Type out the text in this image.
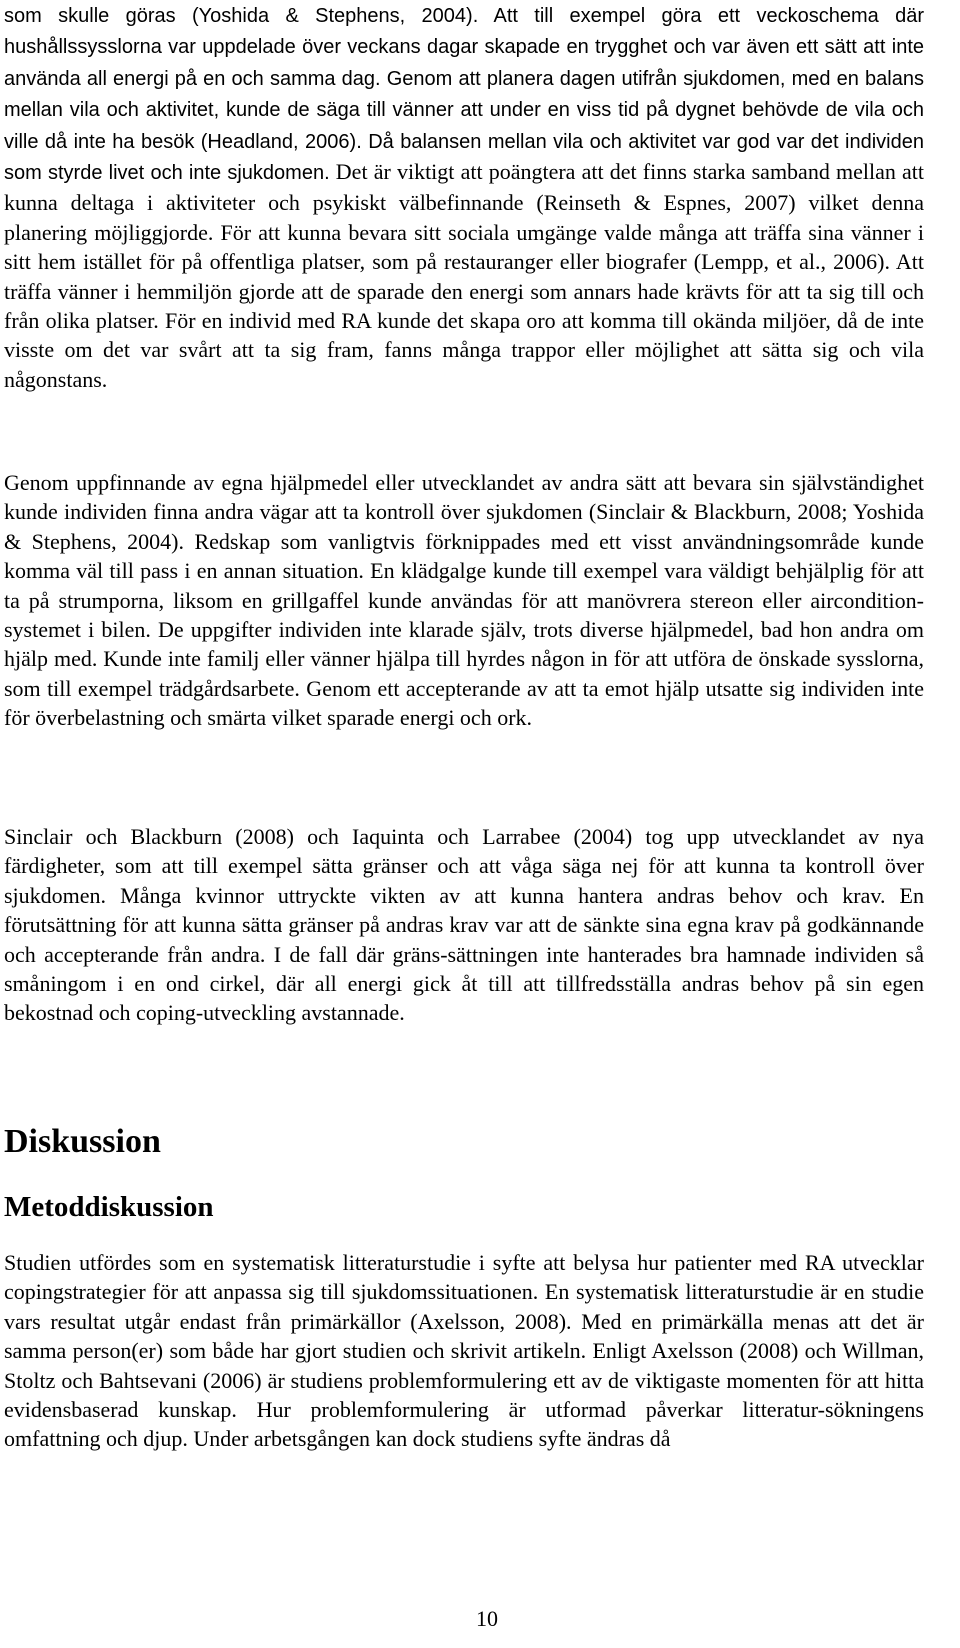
som skulle göras (Yoshida & Stephens, 2004). Att till exempel göra ett veckoschema där hushållssysslorna var uppdelade över veckans dagar skapade en trygghet och var även ett sätt att inte använda all energi på en och samma dag. Genom att planera dagen utifrån sjukdomen, med en balans mellan vila och aktivitet, kunde de säga till vänner att under en viss tid på dygnet behövde de vila och ville då inte ha besök (Headland, 2006). Då balansen mellan vila och aktivitet var god var det individen som styrde livet och inte sjukdomen. Det är viktigt att poängtera att det finns starka samband mellan att kunna deltaga i aktiviteter och psykiskt välbefinnande (Reinseth & Espnes, 2007) vilket denna planering möjliggjorde. För att kunna bevara sitt sociala umgänge valde många att träffa sina vänner i sitt hem istället för på offentliga platser, som på restauranger eller biografer (Lempp, et al., 2006). Att träffa vänner i hemmiljön gjorde att de sparade den energi som annars hade krävts för att ta sig till och från olika platser. För en individ med RA kunde det skapa oro att komma till okända miljöer, då de inte visste om det var svårt att ta sig fram, fanns många trappor eller möjlighet att sätta sig och vila någonstans.

Genom uppfinnande av egna hjälpmedel eller utvecklandet av andra sätt att bevara sin självständighet kunde individen finna andra vägar att ta kontroll över sjukdomen (Sinclair & Blackburn, 2008; Yoshida & Stephens, 2004). Redskap som vanligtvis förknippades med ett visst användningsområde kunde komma väl till pass i en annan situation. En klädgalge kunde till exempel vara väldigt behjälplig för att ta på strumporna, liksom en grillgaffel kunde användas för att manövrera stereon eller aircondition-systemet i bilen. De uppgifter individen inte klarade själv, trots diverse hjälpmedel, bad hon andra om hjälp med. Kunde inte familj eller vänner hjälpa till hyrdes någon in för att utföra de önskade sysslorna, som till exempel trädgårdsarbete. Genom ett accepterande av att ta emot hjälp utsatte sig individen inte för överbelastning och smärta vilket sparade energi och ork.

Sinclair och Blackburn (2008) och Iaquinta och Larrabee (2004) tog upp utvecklandet av nya färdigheter, som att till exempel sätta gränser och att våga säga nej för att kunna ta kontroll över sjukdomen. Många kvinnor uttryckte vikten av att kunna hantera andras behov och krav. En förutsättning för att kunna sätta gränser på andras krav var att de sänkte sina egna krav på godkännande och accepterande från andra. I de fall där gräns-sättningen inte hanterades bra hamnade individen så småningom i en ond cirkel, där all energi gick åt till att tillfredsställa andras behov på sin egen bekostnad och coping-utveckling avstannade.

Diskussion
Metoddiskussion

Studien utfördes som en systematisk litteraturstudie i syfte att belysa hur patienter med RA utvecklar copingstrategier för att anpassa sig till sjukdomssituationen. En systematisk litteraturstudie är en studie vars resultat utgår endast från primärkällor (Axelsson, 2008). Med en primärkälla menas att det är samma person(er) som både har gjort studien och skrivit artikeln. Enligt Axelsson (2008) och Willman, Stoltz och Bahtsevani (2006) är studiens problemformulering ett av de viktigaste momenten för att hitta evidensbaserad kunskap. Hur problemformulering är utformad påverkar litteratur-sökningens omfattning och djup. Under arbetsgången kan dock studiens syfte ändras då

10
